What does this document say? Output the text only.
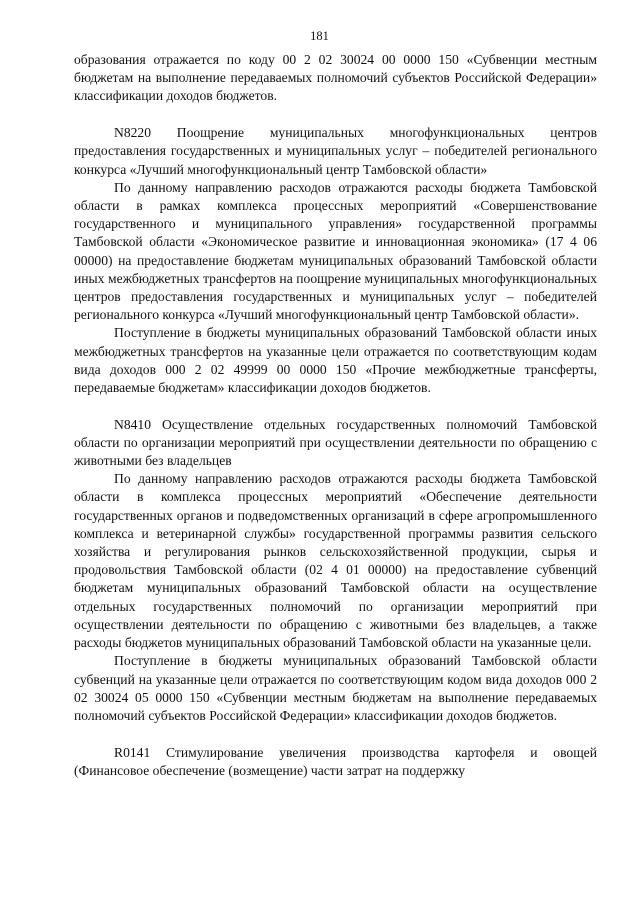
181

образования отражается по коду 00 2 02 30024 00 0000 150 «Субвенции местным бюджетам на выполнение передаваемых полномочий субъектов Российской Федерации» классификации доходов бюджетов.

N8220 Поощрение муниципальных многофункциональных центров предоставления государственных и муниципальных услуг – победителей регионального конкурса «Лучший многофункциональный центр Тамбовской области»

По данному направлению расходов отражаются расходы бюджета Тамбовской области в рамках комплекса процессных мероприятий «Совершенствование государственного и муниципального управления» государственной программы Тамбовской области «Экономическое развитие и инновационная экономика» (17 4 06 00000) на предоставление бюджетам муниципальных образований Тамбовской области иных межбюджетных трансфертов на поощрение муниципальных многофункциональных центров предоставления государственных и муниципальных услуг – победителей регионального конкурса «Лучший многофункциональный центр Тамбовской области».

Поступление в бюджеты муниципальных образований Тамбовской области иных межбюджетных трансфертов на указанные цели отражается по соответствующим кодам вида доходов 000 2 02 49999 00 0000 150 «Прочие межбюджетные трансферты, передаваемые бюджетам» классификации доходов бюджетов.

N8410 Осуществление отдельных государственных полномочий Тамбовской области по организации мероприятий при осуществлении деятельности по обращению с животными без владельцев

По данному направлению расходов отражаются расходы бюджета Тамбовской области в комплекса процессных мероприятий «Обеспечение деятельности государственных органов и подведомственных организаций в сфере агропромышленного комплекса и ветеринарной службы» государственной программы развития сельского хозяйства и регулирования рынков сельскохозяйственной продукции, сырья и продовольствия Тамбовской области (02 4 01 00000) на предоставление субвенций бюджетам муниципальных образований Тамбовской области на осуществление отдельных государственных полномочий по организации мероприятий при осуществлении деятельности по обращению с животными без владельцев, а также расходы бюджетов муниципальных образований Тамбовской области на указанные цели.

Поступление в бюджеты муниципальных образований Тамбовской области субвенций на указанные цели отражается по соответствующим кодом вида доходов 000 2 02 30024 05 0000 150 «Субвенции местным бюджетам на выполнение передаваемых полномочий субъектов Российской Федерации» классификации доходов бюджетов.

R0141 Стимулирование увеличения производства картофеля и овощей (Финансовое обеспечение (возмещение) части затрат на поддержку
